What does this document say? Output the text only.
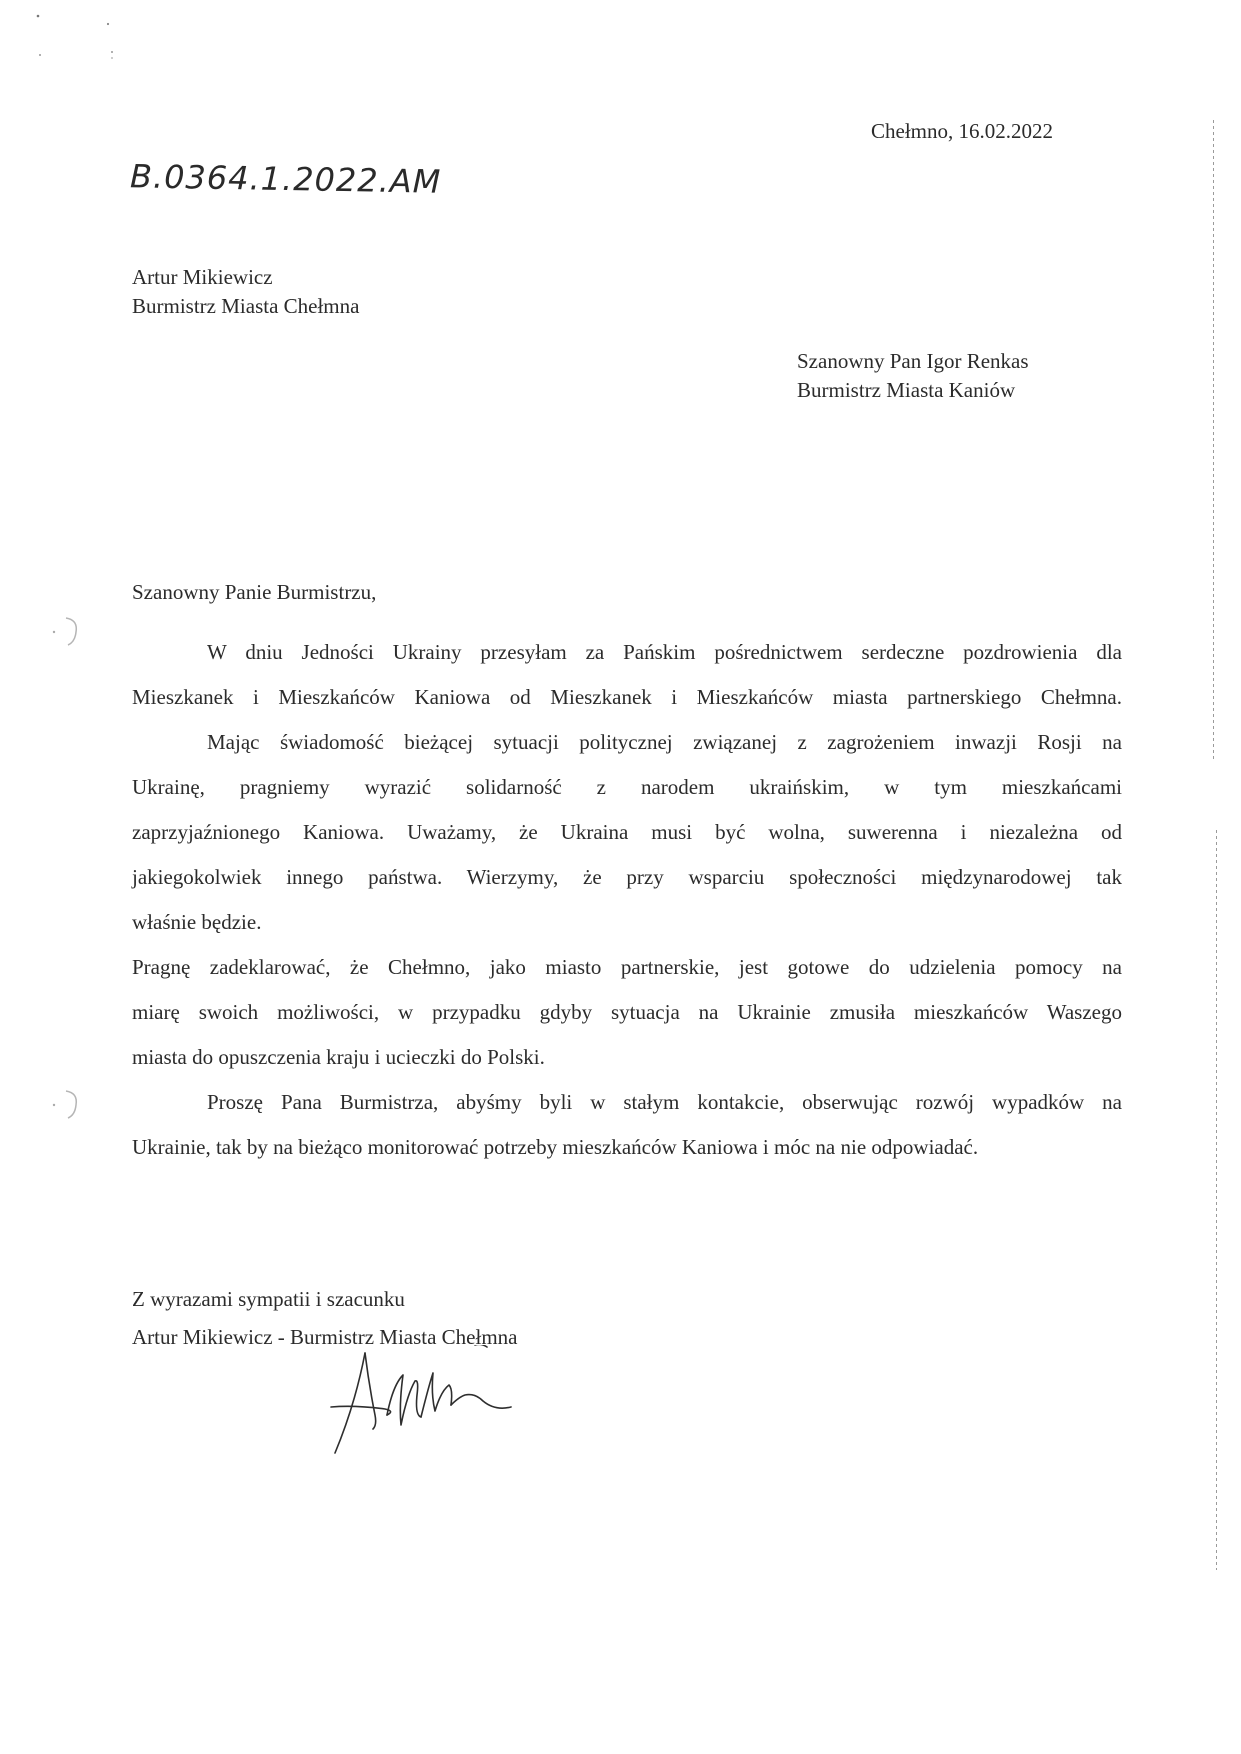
Chełmno, 16.02.2022
B.0364.1.2022.AM
Artur Mikiewicz
Burmistrz Miasta Chełmna
Szanowny Pan Igor Renkas
Burmistrz Miasta Kaniów
Szanowny Panie Burmistrzu,
W dniu Jedności Ukrainy przesyłam za Pańskim pośrednictwem serdeczne pozdrowienia dla
Mieszkanek i Mieszkańców Kaniowa od Mieszkanek i Mieszkańców miasta partnerskiego Chełmna.
Mając świadomość bieżącej sytuacji politycznej związanej z zagrożeniem inwazji Rosji na
Ukrainę, pragniemy wyrazić solidarność z narodem ukraińskim, w tym mieszkańcami
zaprzyjaźnionego Kaniowa. Uważamy, że Ukraina musi być wolna, suwerenna i niezależna od
jakiegokolwiek innego państwa. Wierzymy, że przy wsparciu społeczności międzynarodowej tak
właśnie będzie.
Pragnę zadeklarować, że Chełmno, jako miasto partnerskie, jest gotowe do udzielenia pomocy na
miarę swoich możliwości, w przypadku gdyby sytuacja na Ukrainie zmusiła mieszkańców Waszego
miasta do opuszczenia kraju i ucieczki do Polski.
Proszę Pana Burmistrza, abyśmy byli w stałym kontakcie, obserwując rozwój wypadków na
Ukrainie, tak by na bieżąco monitorować potrzeby mieszkańców Kaniowa i móc na nie odpowiadać.
Z wyrazami sympatii i szacunku
Artur Mikiewicz - Burmistrz Miasta Chełmna
